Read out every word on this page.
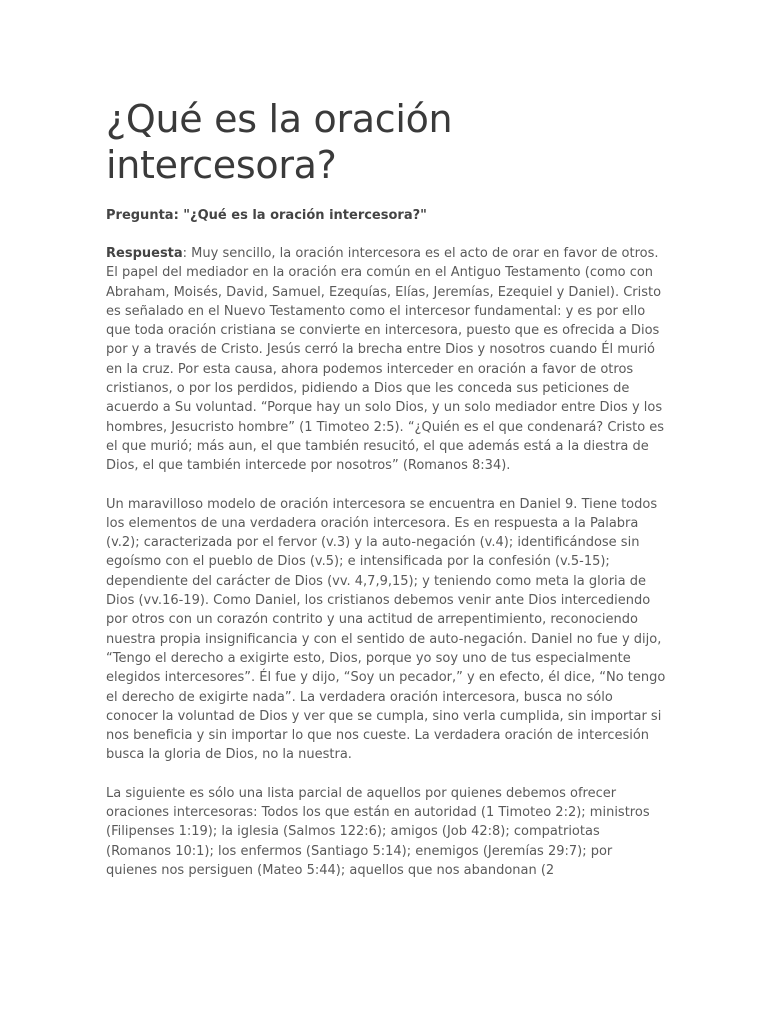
¿Qué es la oración intercesora?

Pregunta: "¿Qué es la oración intercesora?"

Respuesta: Muy sencillo, la oración intercesora es el acto de orar en favor de otros. El papel del mediador en la oración era común en el Antiguo Testamento (como con Abraham, Moisés, David, Samuel, Ezequías, Elías, Jeremías, Ezequiel y Daniel). Cristo es señalado en el Nuevo Testamento como el intercesor fundamental: y es por ello que toda oración cristiana se convierte en intercesora, puesto que es ofrecida a Dios por y a través de Cristo. Jesús cerró la brecha entre Dios y nosotros cuando Él murió en la cruz. Por esta causa, ahora podemos interceder en oración a favor de otros cristianos, o por los perdidos, pidiendo a Dios que les conceda sus peticiones de acuerdo a Su voluntad. “Porque hay un solo Dios, y un solo mediador entre Dios y los hombres, Jesucristo hombre” (1 Timoteo 2:5). “¿Quién es el que condenará? Cristo es el que murió; más aun, el que también resucitó, el que además está a la diestra de Dios, el que también intercede por nosotros” (Romanos 8:34).

Un maravilloso modelo de oración intercesora se encuentra en Daniel 9. Tiene todos los elementos de una verdadera oración intercesora. Es en respuesta a la Palabra (v.2); caracterizada por el fervor (v.3) y la auto-negación (v.4); identificándose sin egoísmo con el pueblo de Dios (v.5); e intensificada por la confesión (v.5-15); dependiente del carácter de Dios (vv. 4,7,9,15); y teniendo como meta la gloria de Dios (vv.16-19). Como Daniel, los cristianos debemos venir ante Dios intercediendo por otros con un corazón contrito y una actitud de arrepentimiento, reconociendo nuestra propia insignificancia y con el sentido de auto-negación. Daniel no fue y dijo, “Tengo el derecho a exigirte esto, Dios, porque yo soy uno de tus especialmente elegidos intercesores”. Él fue y dijo, “Soy un pecador,” y en efecto, él dice, “No tengo el derecho de exigirte nada”. La verdadera oración intercesora, busca no sólo conocer la voluntad de Dios y ver que se cumpla, sino verla cumplida, sin importar si nos beneficia y sin importar lo que nos cueste. La verdadera oración de intercesión busca la gloria de Dios, no la nuestra.

La siguiente es sólo una lista parcial de aquellos por quienes debemos ofrecer oraciones intercesoras: Todos los que están en autoridad (1 Timoteo 2:2); ministros (Filipenses 1:19); la iglesia (Salmos 122:6); amigos (Job 42:8); compatriotas (Romanos 10:1); los enfermos (Santiago 5:14); enemigos (Jeremías 29:7); por quienes nos persiguen (Mateo 5:44); aquellos que nos abandonan (2
